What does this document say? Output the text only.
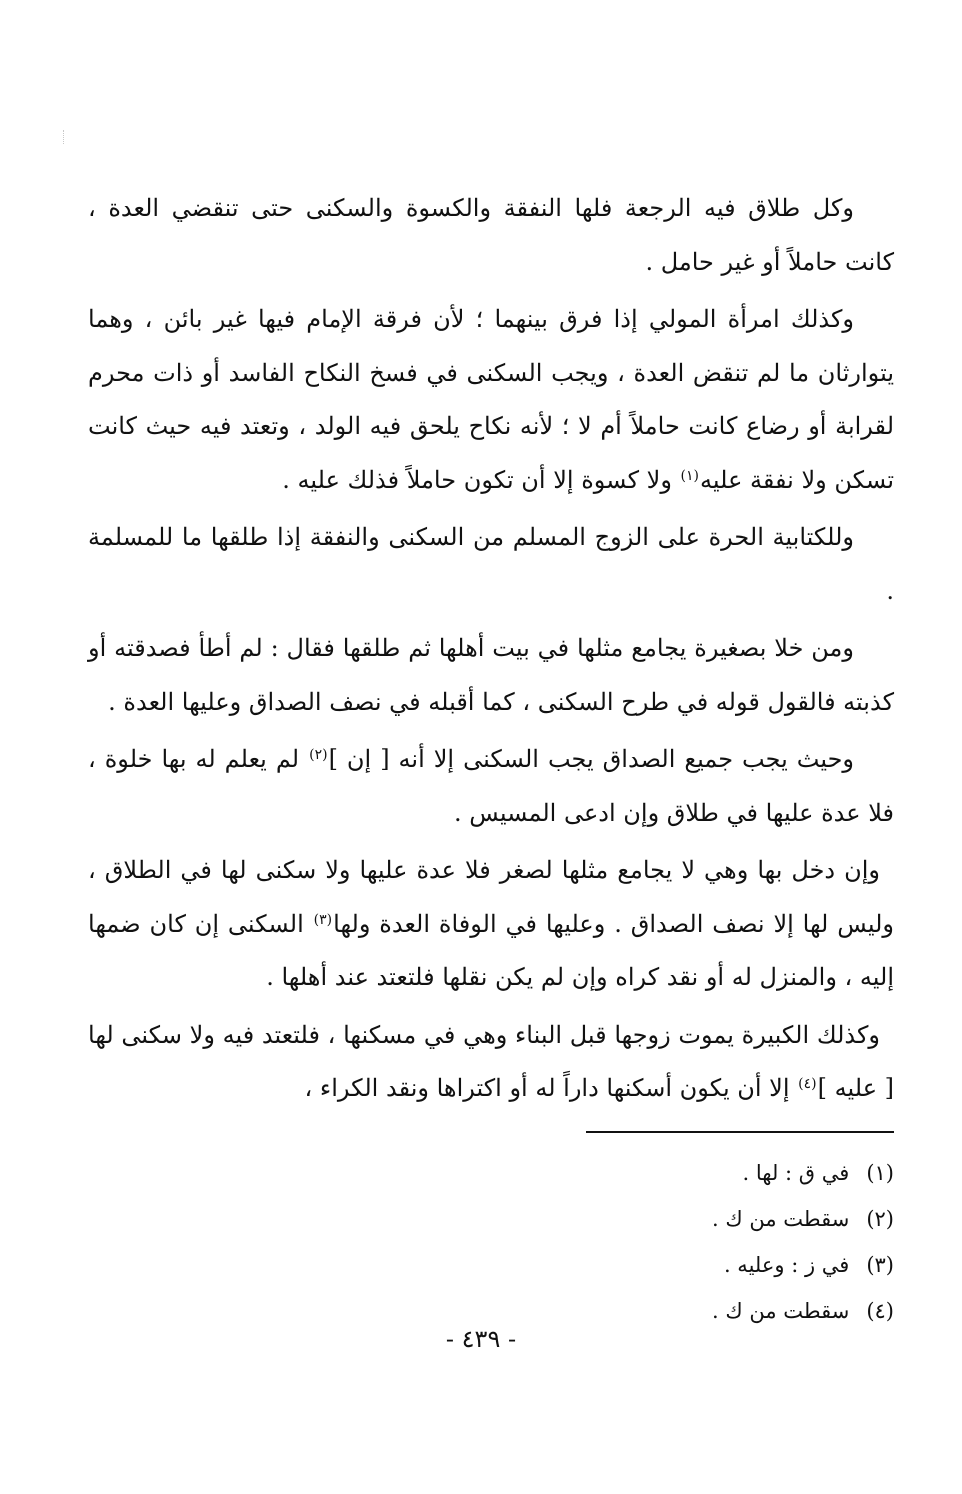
وكل طلاق فيه الرجعة فلها النفقة والكسوة والسكنى حتى تنقضي العدة ، كانت حاملاً أو غير حامل .

وكذلك امرأة المولي إذا فرق بينهما ؛ لأن فرقة الإمام فيها غير بائن ، وهما يتوارثان ما لم تنقض العدة ، ويجب السكنى في فسخ النكاح الفاسد أو ذات محرم لقرابة أو رضاع كانت حاملاً أم لا ؛ لأنه نكاح يلحق فيه الولد ، وتعتد فيه حيث كانت تسكن ولا نفقة عليه$^{(١)}$ ولا كسوة إلا أن تكون حاملاً فذلك عليه .

وللكتابية الحرة على الزوج المسلم من السكنى والنفقة إذا طلقها ما للمسلمة .

ومن خلا بصغيرة يجامع مثلها في بيت أهلها ثم طلقها فقال : لم أطأ فصدقته أو كذبته فالقول قوله في طرح السكنى ، كما أقبله في نصف الصداق وعليها العدة .

وحيث يجب جميع الصداق يجب السكنى إلا أنه [ إن ]$^{(٢)}$ لم يعلم له بها خلوة ، فلا عدة عليها في طلاق وإن ادعى المسيس .

وإن دخل بها وهي لا يجامع مثلها لصغر فلا عدة عليها ولا سكنى لها في الطلاق ، وليس لها إلا نصف الصداق . وعليها في الوفاة العدة ولها$^{(٣)}$ السكنى إن كان ضمها إليه ، والمنزل له أو نقد كراه وإن لم يكن نقلها فلتعتد عند أهلها .

وكذلك الكبيرة يموت زوجها قبل البناء وهي في مسكنها ، فلتعتد فيه ولا سكنى لها [ عليه ]$^{(٤)}$ إلا أن يكون أسكنها داراً له أو اكتراها ونقد الكراء ،

(١) في ق : لها .

(٢) سقطت من ك .

(٣) في ز : وعليه .

(٤) سقطت من ك .

- ٤٣٩ -
